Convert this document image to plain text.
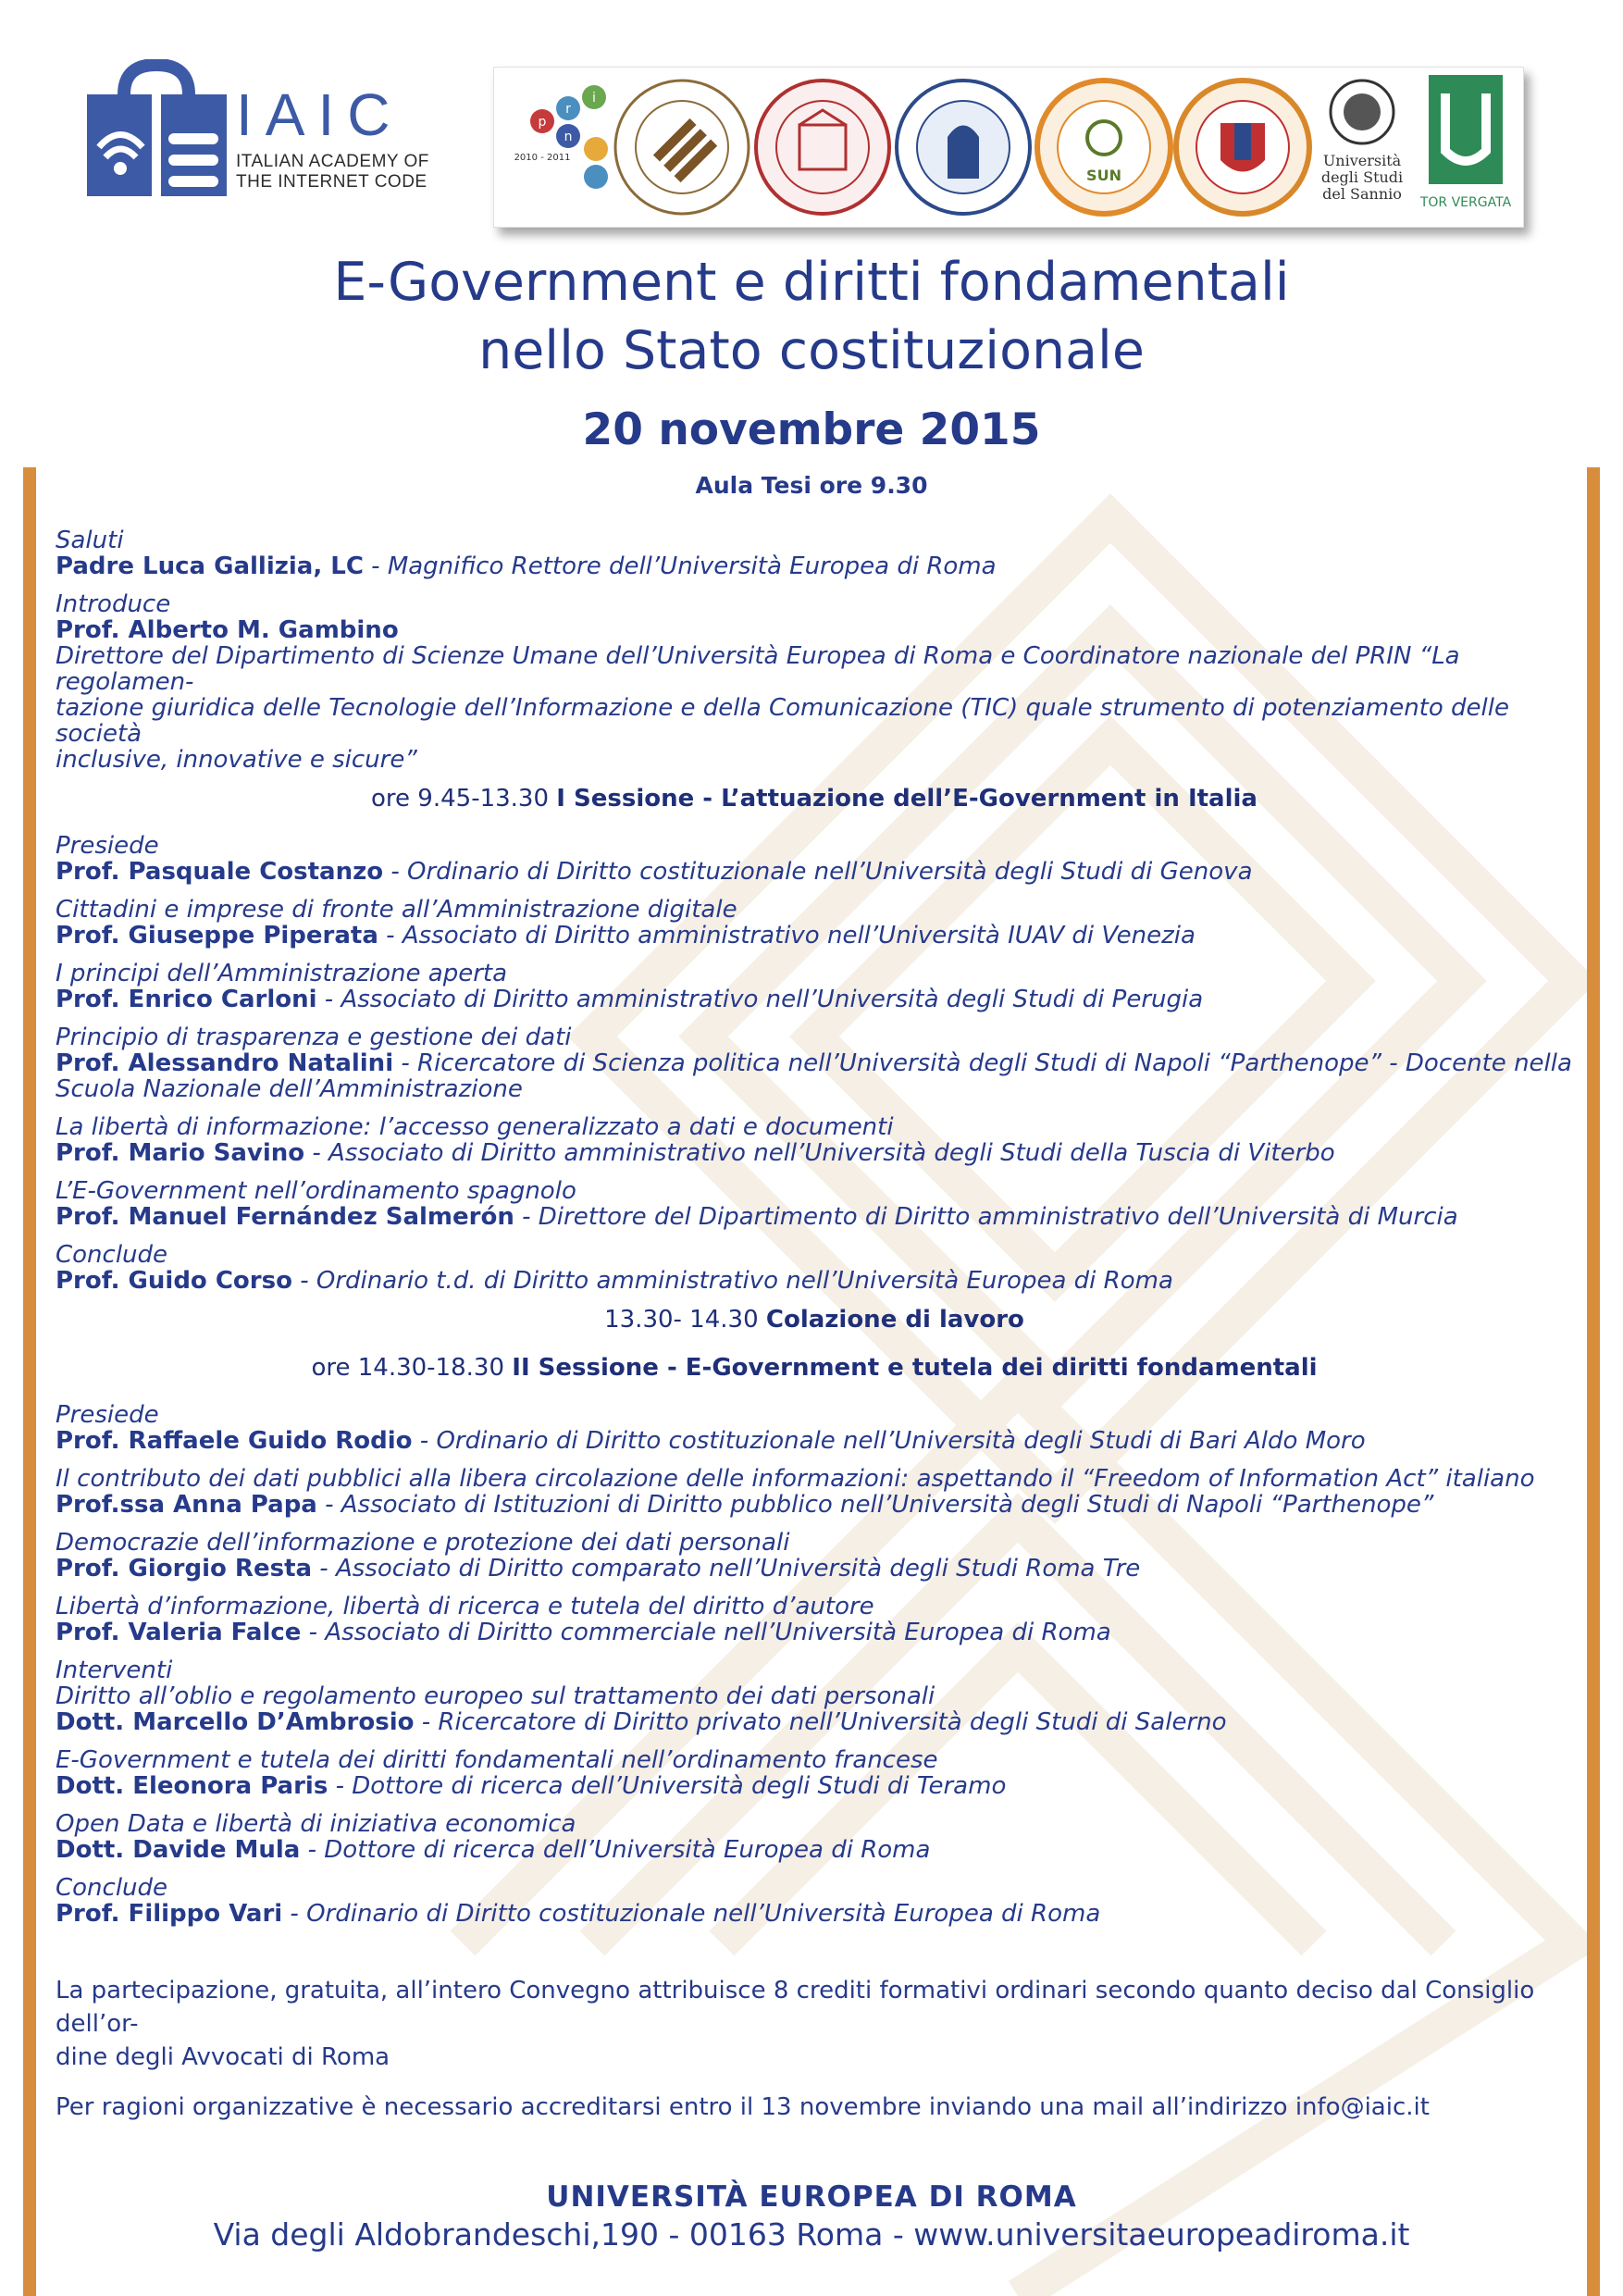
IAIC
ITALIAN ACADEMY OF
THE INTERNET CODE
p
r
i
n
2010 - 2011
SUN
Università
degli Studi
del Sannio TOR VERGATA
E-Government e diritti fondamentali
nello Stato costituzionale
20 novembre 2015
Aula Tesi ore 9.30
Saluti
Padre Luca Gallizia, LC - Magnifico Rettore dell’Università Europea di Roma
Introduce
Prof. Alberto M. Gambino
Direttore del Dipartimento di Scienze Umane dell’Università Europea di Roma e Coordinatore nazionale del PRIN “La regolamen-
tazione giuridica delle Tecnologie dell’Informazione e della Comunicazione (TIC) quale strumento di potenziamento delle società
inclusive, innovative e sicure”
ore 9.45-13.30 I Sessione - L’attuazione dell’E-Government in Italia
Presiede
Prof. Pasquale Costanzo - Ordinario di Diritto costituzionale nell’Università degli Studi di Genova
Cittadini e imprese di fronte all’Amministrazione digitale
Prof. Giuseppe Piperata - Associato di Diritto amministrativo nell’Università IUAV di Venezia
I principi dell’Amministrazione aperta
Prof. Enrico Carloni - Associato di Diritto amministrativo nell’Università degli Studi di Perugia
Principio di trasparenza e gestione dei dati
Prof. Alessandro Natalini - Ricercatore di Scienza politica nell’Università degli Studi di Napoli “Parthenope” - Docente nella
Scuola Nazionale dell’Amministrazione
La libertà di informazione: l’accesso generalizzato a dati e documenti
Prof. Mario Savino - Associato di Diritto amministrativo nell’Università degli Studi della Tuscia di Viterbo
L’E-Government nell’ordinamento spagnolo
Prof. Manuel Fernández Salmerón - Direttore del Dipartimento di Diritto amministrativo dell’Università di Murcia
Conclude
Prof. Guido Corso - Ordinario t.d. di Diritto amministrativo nell’Università Europea di Roma
13.30- 14.30 Colazione di lavoro
ore 14.30-18.30 II Sessione - E-Government e tutela dei diritti fondamentali
Presiede
Prof. Raffaele Guido Rodio - Ordinario di Diritto costituzionale nell’Università degli Studi di Bari Aldo Moro
Il contributo dei dati pubblici alla libera circolazione delle informazioni: aspettando il “Freedom of Information Act” italiano
Prof.ssa Anna Papa - Associato di Istituzioni di Diritto pubblico nell’Università degli Studi di Napoli “Parthenope”
Democrazie dell’informazione e protezione dei dati personali
Prof. Giorgio Resta - Associato di Diritto comparato nell’Università degli Studi Roma Tre
Libertà d’informazione, libertà di ricerca e tutela del diritto d’autore
Prof. Valeria Falce - Associato di Diritto commerciale nell’Università Europea di Roma
Interventi
Diritto all’oblio e regolamento europeo sul trattamento dei dati personali
Dott. Marcello D’Ambrosio - Ricercatore di Diritto privato nell’Università degli Studi di Salerno
E-Government e tutela dei diritti fondamentali nell’ordinamento francese
Dott. Eleonora Paris - Dottore di ricerca dell’Università degli Studi di Teramo
Open Data e libertà di iniziativa economica
Dott. Davide Mula - Dottore di ricerca dell’Università Europea di Roma
Conclude
Prof. Filippo Vari - Ordinario di Diritto costituzionale nell’Università Europea di Roma
La partecipazione, gratuita, all’intero Convegno attribuisce 8 crediti formativi ordinari secondo quanto deciso dal Consiglio dell’or-
dine degli Avvocati di Roma
Per ragioni organizzative è necessario accreditarsi entro il 13 novembre inviando una mail all’indirizzo info@iaic.it
UNIVERSITÀ EUROPEA DI ROMA
Via degli Aldobrandeschi,190 - 00163 Roma - www.universitaeuropeadiroma.it
